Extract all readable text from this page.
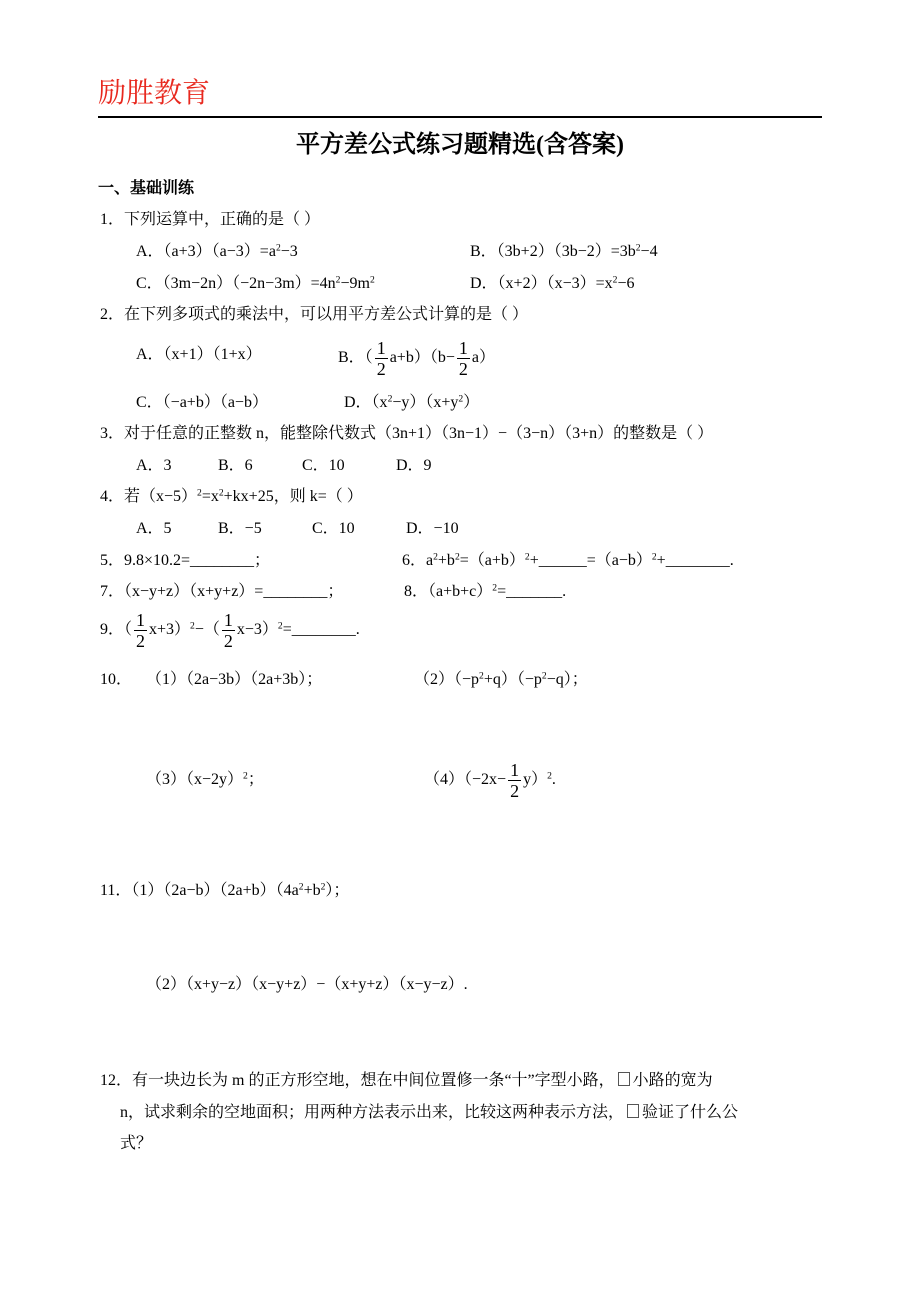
励胜教育
平方差公式练习题精选(含答案)
一、基础训练
1．下列运算中，正确的是（ ）
A．$(a+3)(a-3)=a^2-3$	B．$(3b+2)(3b-2)=3b^2-4$
C．$(3m-2n)(-2n-3m)=4n^2-9m^2$	D．$(x+2)(x-3)=x^2-6$
2．在下列多项式的乘法中，可以用平方差公式计算的是（ ）
A．（x+1）（1+x）	B．（ $\frac{1}{2} a+b)(b- \frac{1}{2} a)$
C．（−a+b）（a−b）	D．$(x^2-y)(x+y^2)$
3．对于任意的正整数 n，能整除代数式（3n+1）（3n−1）−（3−n）（3+n）的整数是（ ）
A．3	B．6	C．10	D．9
4．若$(x-5)^2=x^2+kx+25$，则 k=（ ）
A．5	B．−5	C．10	D．−10
5．9.8×10.2=________；	6．$a^2+b^2=(a+b)^2+\_\_\_\_\_\_=(a-b)^2+\_\_\_\_\_\_\_\_$.
7．（x−y+z）（x+y+z）=________；	8．$(a+b+c)^2=\_\_\_\_\_\_\_$.
9．（ $\frac{1}{2} x+3)^2-( \frac{1}{2}$ $x-3)^2=\_\_\_\_\_\_\_\_$.
10． （1）（2a−3b）（2a+3b）；	$(2)(-p^2+q)(-p^2-q)$；
$(3)(x-2y)^2$；	$(4)(-2x- \frac{1}{2} y)^2$.
11．$(1)(2a-b)(2a+b)(4a^2+b^2)$；
（2）（x+y−z）（x−y+z）−（x+y+z）（x−y−z）.
12．有一块边长为 m 的正方形空地，想在中间位置修一条“十”字型小路， 小路的宽为
n，试求剩余的空地面积；用两种方法表示出来，比较这两种表示方法， 验证了什么公
式？
